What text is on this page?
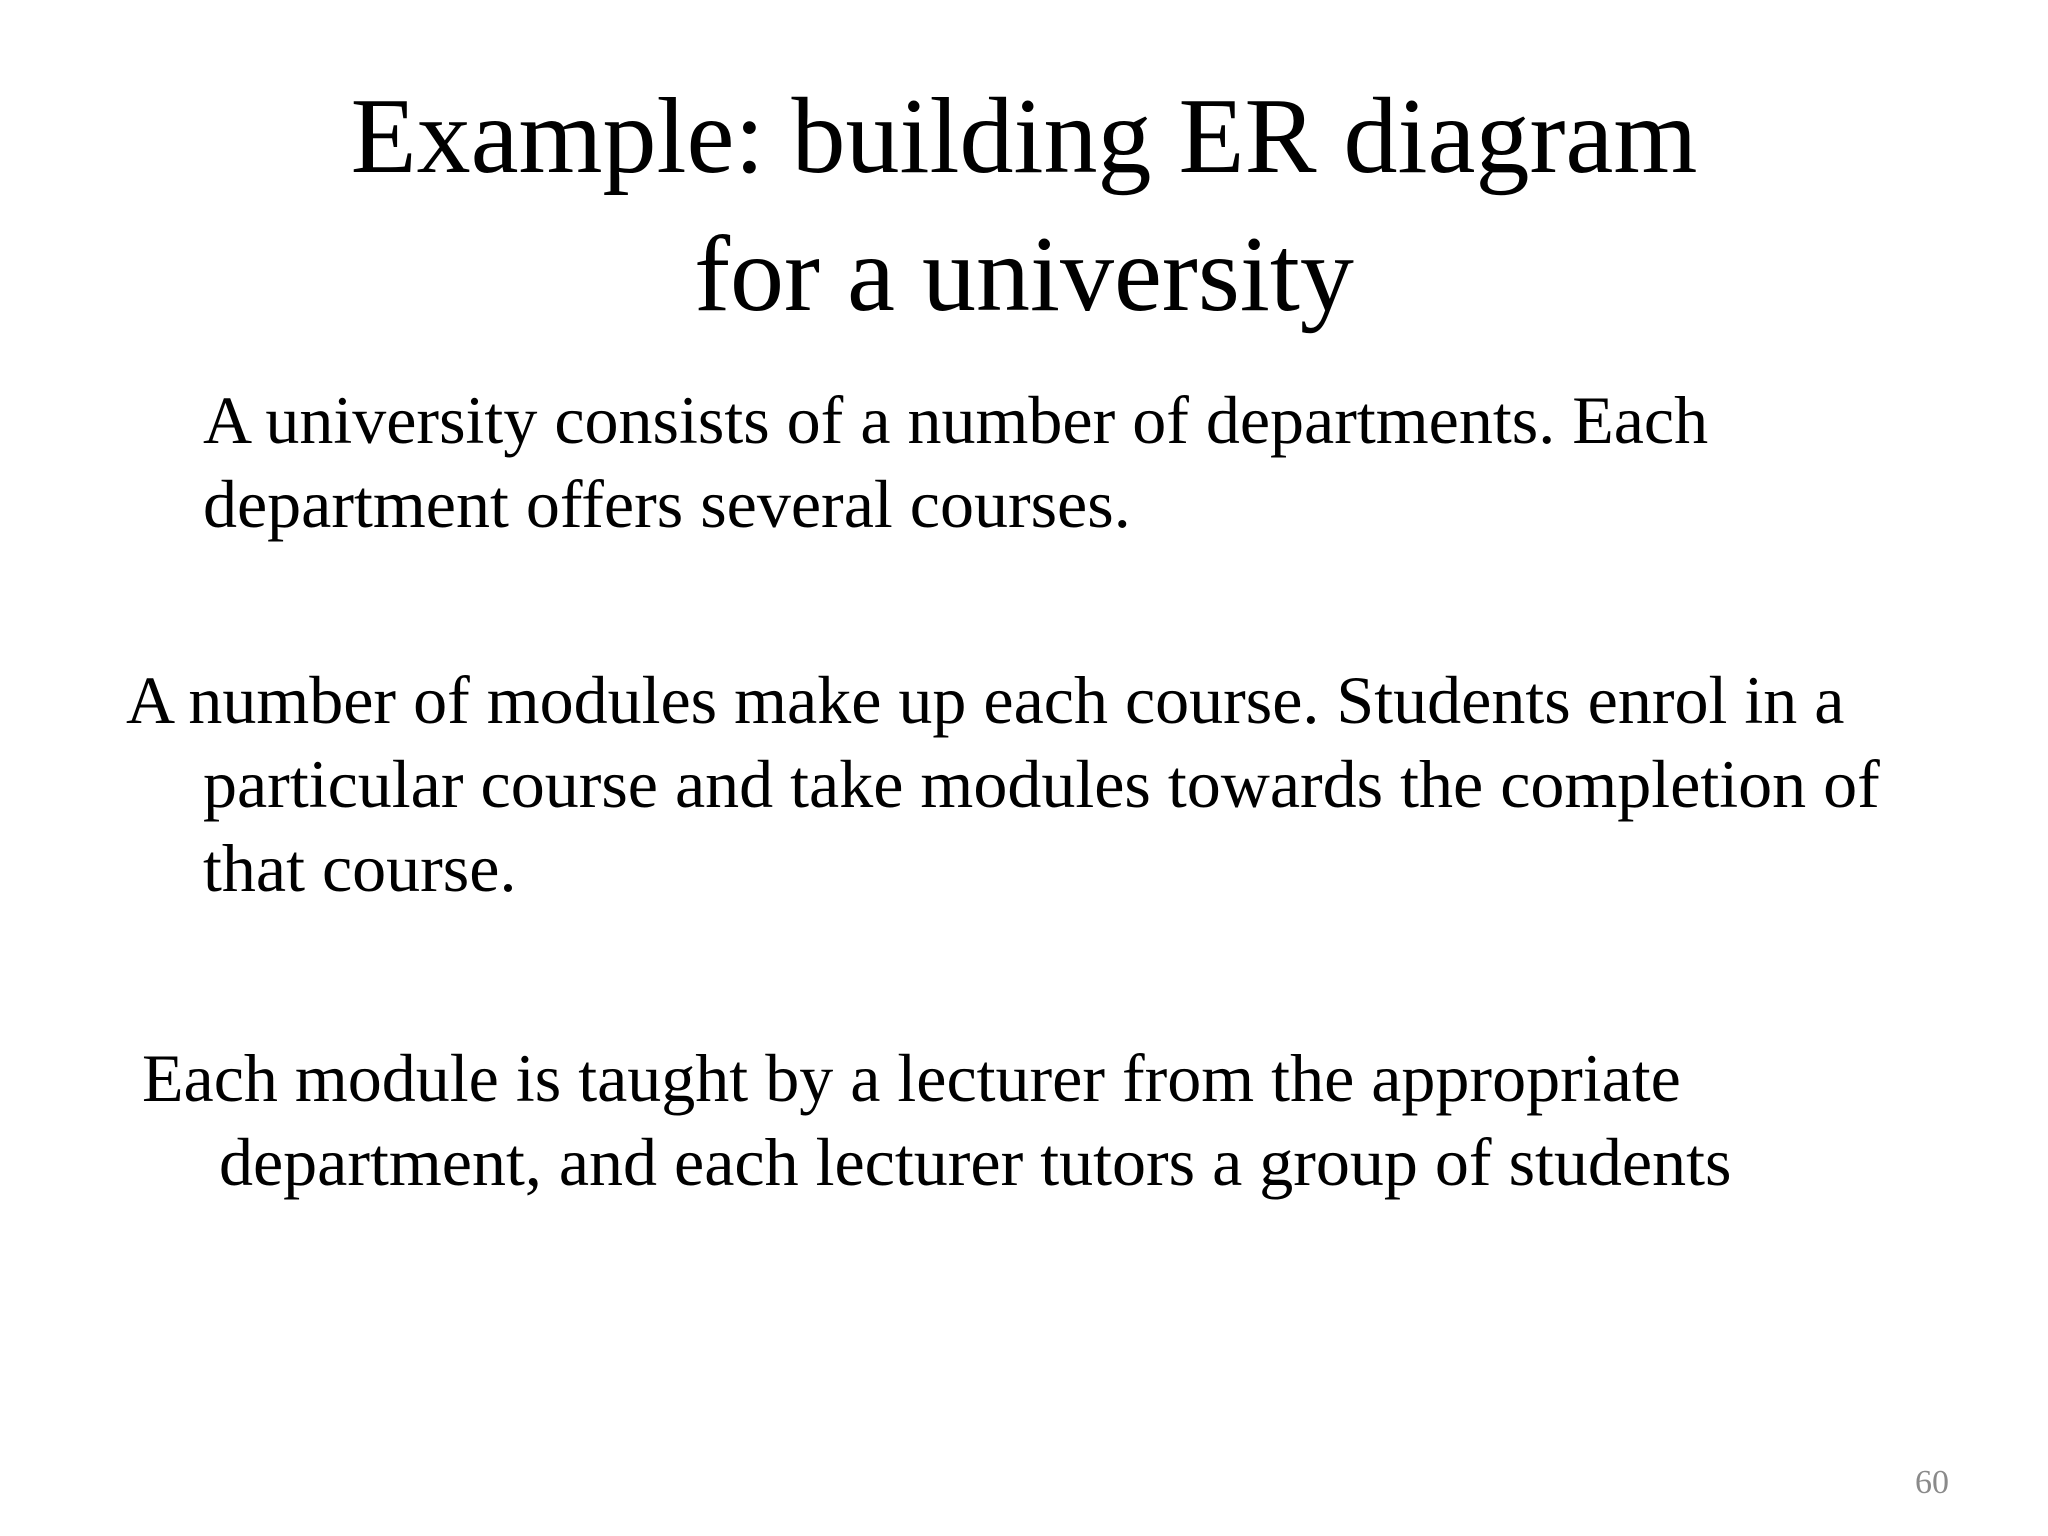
Example: building ER diagram
for a university

A university consists of a number of departments. Each
department offers several courses.

A number of modules make up each course. Students enrol in a
particular course and take modules towards the completion of
that course.

Each module is taught by a lecturer from the appropriate
department, and each lecturer tutors a group of students

60
